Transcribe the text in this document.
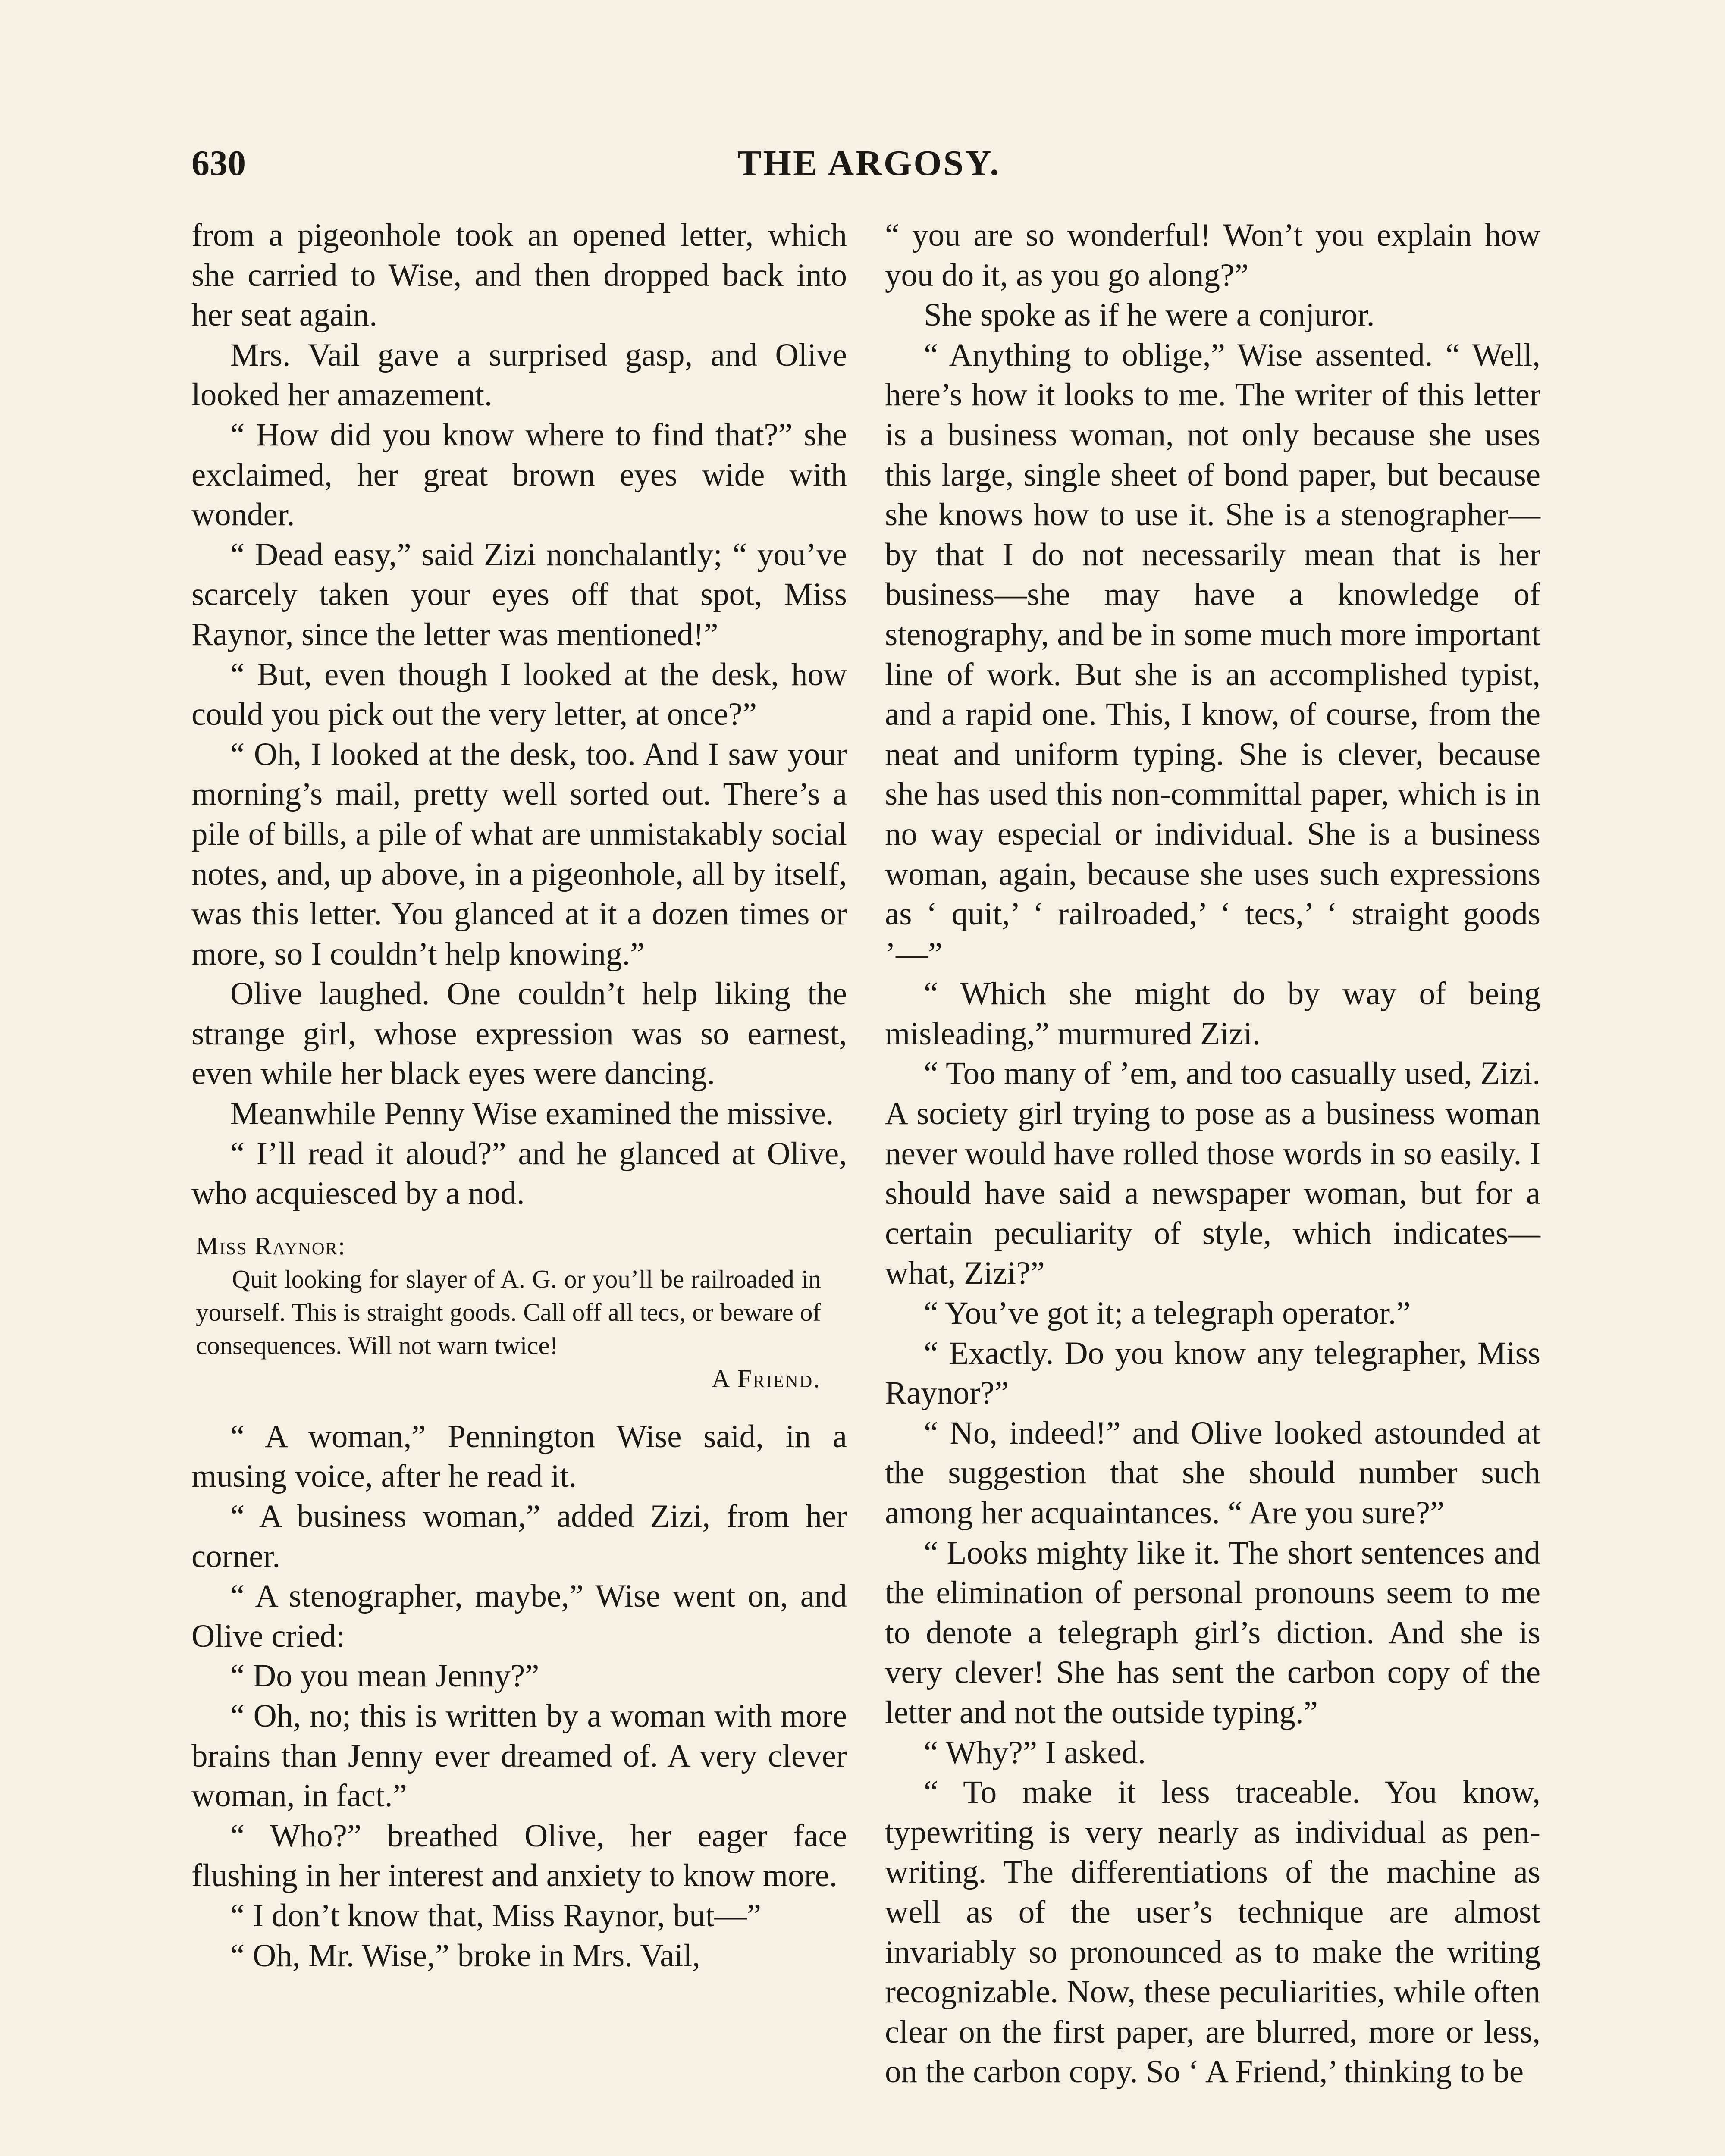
630	THE ARGOSY.

from a pigeonhole took an opened letter, which she carried to Wise, and then dropped back into her seat again.

Mrs. Vail gave a surprised gasp, and Olive looked her amazement.

“ How did you know where to find that?” she exclaimed, her great brown eyes wide with wonder.

“ Dead easy,” said Zizi nonchalantly; “ you’ve scarcely taken your eyes off that spot, Miss Raynor, since the letter was mentioned!”

“ But, even though I looked at the desk, how could you pick out the very letter, at once?”

“ Oh, I looked at the desk, too. And I saw your morning’s mail, pretty well sorted out. There’s a pile of bills, a pile of what are unmistakably social notes, and, up above, in a pigeonhole, all by itself, was this letter. You glanced at it a dozen times or more, so I couldn’t help knowing.”

Olive laughed. One couldn’t help liking the strange girl, whose expression was so earnest, even while her black eyes were dancing.

Meanwhile Penny Wise examined the missive.

“ I’ll read it aloud?” and he glanced at Olive, who acquiesced by a nod.

Miss Raynor:

Quit looking for slayer of A. G. or you’ll be railroaded in yourself. This is straight goods. Call off all tecs, or beware of consequences. Will not warn twice!

A Friend.

“ A woman,” Pennington Wise said, in a musing voice, after he read it.

“ A business woman,” added Zizi, from her corner.

“ A stenographer, maybe,” Wise went on, and Olive cried:

“ Do you mean Jenny?”

“ Oh, no; this is written by a woman with more brains than Jenny ever dreamed of. A very clever woman, in fact.”

“ Who?” breathed Olive, her eager face flushing in her interest and anxiety to know more.

“ I don’t know that, Miss Raynor, but—”

“ Oh, Mr. Wise,” broke in Mrs. Vail,

“ you are so wonderful! Won’t you explain how you do it, as you go along?”

She spoke as if he were a conjuror.

“ Anything to oblige,” Wise assented. “ Well, here’s how it looks to me. The writer of this letter is a business woman, not only because she uses this large, single sheet of bond paper, but because she knows how to use it. She is a stenographer—by that I do not necessarily mean that is her business—she may have a knowledge of stenography, and be in some much more important line of work. But she is an accomplished typist, and a rapid one. This, I know, of course, from the neat and uniform typing. She is clever, because she has used this non-committal paper, which is in no way especial or individual. She is a business woman, again, because she uses such expressions as ‘ quit,’ ‘ railroaded,’ ‘ tecs,’ ‘ straight goods ’—”

“ Which she might do by way of being misleading,” murmured Zizi.

“ Too many of ’em, and too casually used, Zizi. A society girl trying to pose as a business woman never would have rolled those words in so easily. I should have said a newspaper woman, but for a certain peculiarity of style, which indicates—what, Zizi?”

“ You’ve got it; a telegraph operator.”

“ Exactly. Do you know any telegrapher, Miss Raynor?”

“ No, indeed!” and Olive looked astounded at the suggestion that she should number such among her acquaintances. “ Are you sure?”

“ Looks mighty like it. The short sentences and the elimination of personal pronouns seem to me to denote a telegraph girl’s diction. And she is very clever! She has sent the carbon copy of the letter and not the outside typing.”

“ Why?” I asked.

“ To make it less traceable. You know, typewriting is very nearly as individual as pen-writing. The differentiations of the machine as well as of the user’s technique are almost invariably so pronounced as to make the writing recognizable. Now, these peculiarities, while often clear on the first paper, are blurred, more or less, on the carbon copy. So ‘ A Friend,’ thinking to be
